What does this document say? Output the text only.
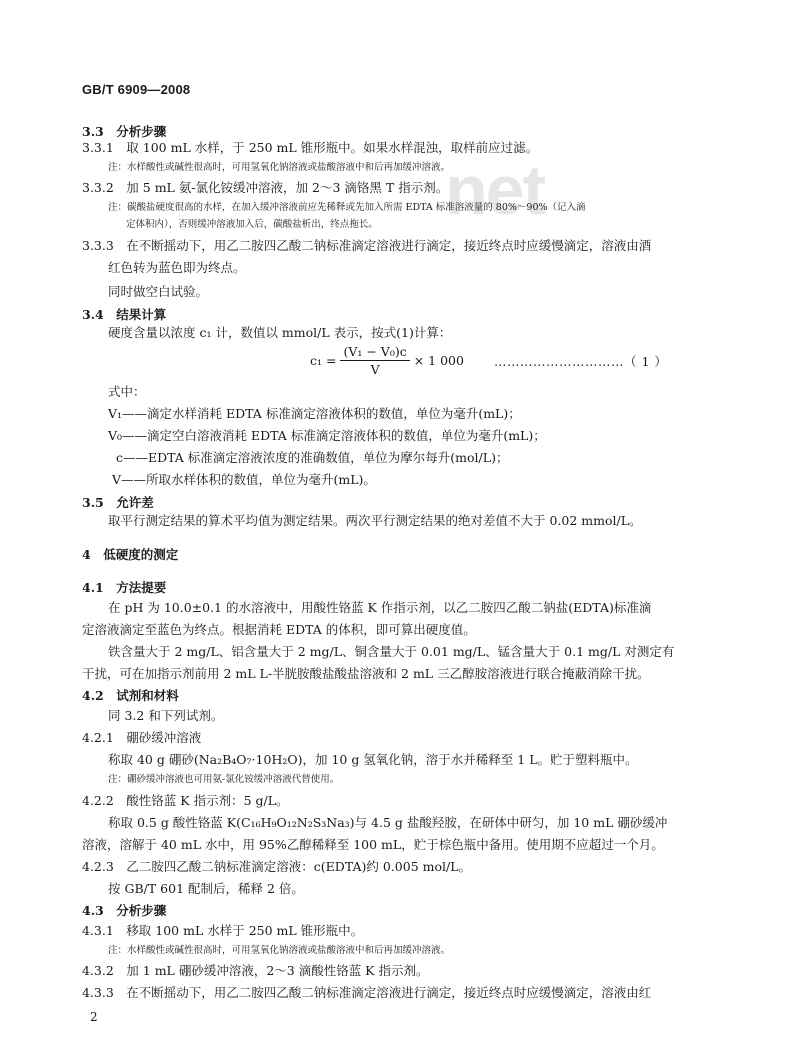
net
GB/T 6909—2008
3.3　分析步骤
3.3.1　取 100 mL 水样，于 250 mL 锥形瓶中。如果水样混浊，取样前应过滤。
注：水样酸性或碱性很高时，可用氢氧化钠溶液或盐酸溶液中和后再加缓冲溶液。
3.3.2　加 5 mL 氨-氯化铵缓冲溶液，加 2～3 滴铬黑 T 指示剂。
注：碳酸盐硬度很高的水样，在加入缓冲溶液前应先稀释或先加入所需 EDTA 标准溶液量的 80%～90%（记入滴
定体积内），否则缓冲溶液加入后，碳酸盐析出，终点拖长。
3.3.3　在不断摇动下，用乙二胺四乙酸二钠标准滴定溶液进行滴定，接近终点时应缓慢滴定，溶液由酒
红色转为蓝色即为终点。
同时做空白试验。
3.4　结果计算
硬度含量以浓度 c₁ 计，数值以 mmol/L 表示，按式(1)计算：
$c_1 = \frac{\text{(V₁ − V₀)c}}{V} \times 1$ 000 …………………………（ 1 ）
式中：
V₁——滴定水样消耗 EDTA 标准滴定溶液体积的数值，单位为毫升(mL)；
V₀——滴定空白溶液消耗 EDTA 标准滴定溶液体积的数值，单位为毫升(mL)；
c——EDTA 标准滴定溶液浓度的准确数值，单位为摩尔每升(mol/L)；
V——所取水样体积的数值，单位为毫升(mL)。
3.5　允许差
取平行测定结果的算术平均值为测定结果。两次平行测定结果的绝对差值不大于 0.02 mmol/L。
4　低硬度的测定
4.1　方法提要
在 pH 为 10.0±0.1 的水溶液中，用酸性铬蓝 K 作指示剂，以乙二胺四乙酸二钠盐(EDTA)标准滴
定溶液滴定至蓝色为终点。根据消耗 EDTA 的体积，即可算出硬度值。
铁含量大于 2 mg/L、铝含量大于 2 mg/L、铜含量大于 0.01 mg/L、锰含量大于 0.1 mg/L 对测定有
干扰，可在加指示剂前用 2 mL L-半胱胺酸盐酸盐溶液和 2 mL 三乙醇胺溶液进行联合掩蔽消除干扰。
4.2　试剂和材料
同 3.2 和下列试剂。
4.2.1　硼砂缓冲溶液
称取 40 g 硼砂(Na₂B₄O₇·10H₂O)，加 10 g 氢氧化钠，溶于水并稀释至 1 L。贮于塑料瓶中。
注：硼砂缓冲溶液也可用氨-氯化铵缓冲溶液代替使用。
4.2.2　酸性铬蓝 K 指示剂：5 g/L。
称取 0.5 g 酸性铬蓝 K(C₁₆H₉O₁₂N₂S₃Na₃)与 4.5 g 盐酸羟胺，在研体中研匀，加 10 mL 硼砂缓冲
溶液，溶解于 40 mL 水中，用 95%乙醇稀释至 100 mL，贮于棕色瓶中备用。使用期不应超过一个月。
4.2.3　乙二胺四乙酸二钠标准滴定溶液：c(EDTA)约 0.005 mol/L。
按 GB/T 601 配制后，稀释 2 倍。
4.3　分析步骤
4.3.1　移取 100 mL 水样于 250 mL 锥形瓶中。
注：水样酸性或碱性很高时，可用氢氧化钠溶液或盐酸溶液中和后再加缓冲溶液。
4.3.2　加 1 mL 硼砂缓冲溶液，2～3 滴酸性铬蓝 K 指示剂。
4.3.3　在不断摇动下，用乙二胺四乙酸二钠标准滴定溶液进行滴定，接近终点时应缓慢滴定，溶液由红
2
